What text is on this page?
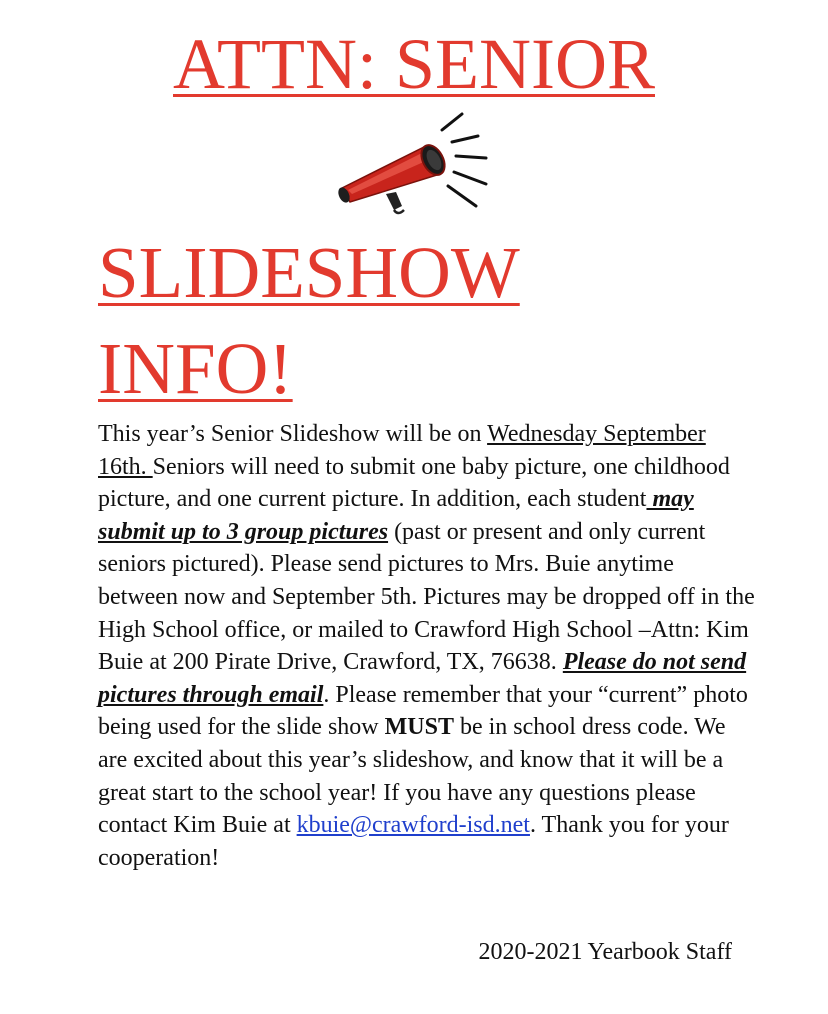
ATTN: SENIOR
SLIDESHOW
INFO!

This year’s Senior Slideshow will be on Wednesday September 16th. Seniors will need to submit one baby picture, one childhood picture, and one current picture. In addition, each student may submit up to 3 group pictures (past or present and only current seniors pictured). Please send pictures to Mrs. Buie anytime between now and September 5th. Pictures may be dropped off in the High School office, or mailed to Crawford High School –Attn: Kim Buie at 200 Pirate Drive, Crawford, TX, 76638. Please do not send pictures through email. Please remember that your “current” photo being used for the slide show MUST be in school dress code. We are excited about this year’s slideshow, and know that it will be a great start to the school year! If you have any questions please contact Kim Buie at kbuie@crawford-isd.net. Thank you for your cooperation!

2020-2021 Yearbook Staff
